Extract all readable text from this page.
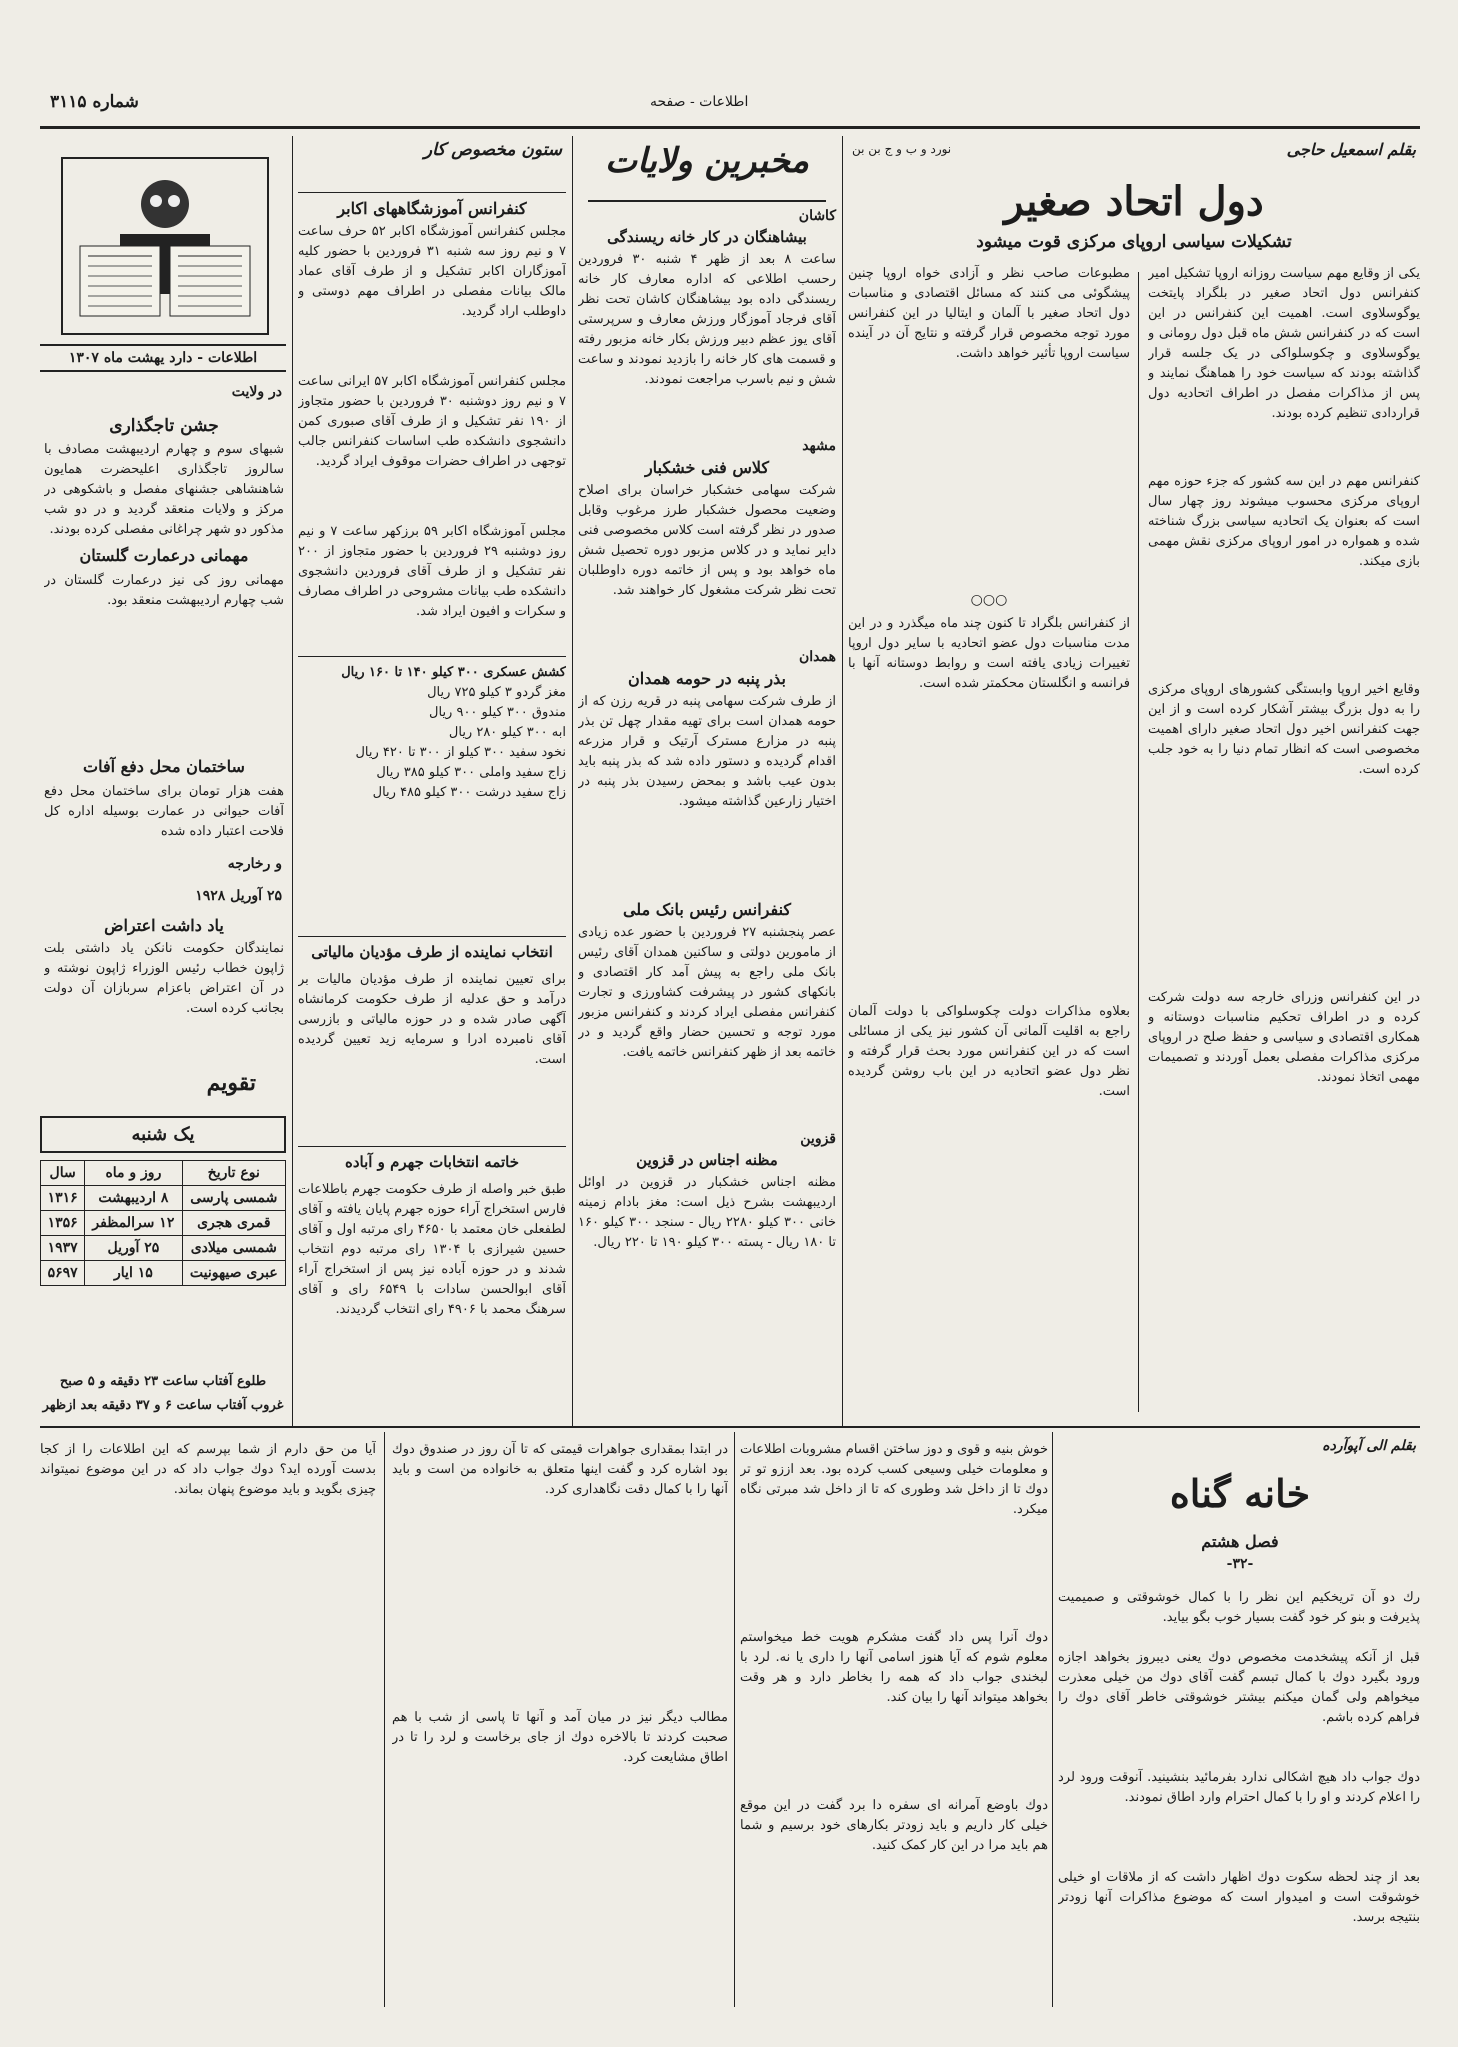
شماره ۳۱۱۵	اطلاعات - صفحه
اطلاعات - دارد یهشت ماه ۱۳۰۷
در ولایت
جشن تاجگذاری
شبهای سوم و چهارم اردیبهشت مصادف با سالروز تاجگذاری اعلیحضرت همایون شاهنشاهی جشنهای مفصل و باشکوهی در مرکز و ولایات منعقد گردید و در دو شب مذکور دو شهر چراغانی مفصلی کرده بودند.
مهمانی درعمارت گلستان
مهمانی روز کی نیز درعمارت گلستان در شب چهارم اردیبهشت منعقد بود.
ساختمان محل دفع آفات
هفت هزار تومان برای ساختمان محل دفع آفات حیوانی در عمارت بوسیله اداره کل فلاحت اعتبار داده شده
و رخارجه
۲۵ آوریل ۱۹۲۸
یاد داشت اعتراض
نمایندگان حکومت نانکن یاد داشتی بلت ژاپون خطاب رئیس الوزراء ژاپون نوشته و در آن اعتراض باعزام سربازان آن دولت بجانب کرده است.
تقویم
یک شنبه
نوع تاریخ	روز و ماه	سال
شمسی پارسی	۸ اردیبهشت	۱۳۱۶
قمری هجری	۱۲ سرالمظفر	۱۳۵۶
شمسی میلادی	۲۵ آوریل	۱۹۳۷
عبری صیهونیت	۱۵ ایار	۵۶۹۷
طلوع آفتاب ساعت ۲۳ دقیقه و ۵ صبح
غروب آفتاب ساعت ۶ و ۳۷ دقیقه بعد ازظهر
ستون مخصوص کار
کنفرانس آموزشگاههای اکابر
مجلس کنفرانس آموزشگاه اکابر ۵۲ حرف ساعت ۷ و نیم روز سه شنبه ۳۱ فروردین با حضور کلیه آموزگاران اکابر تشکیل و از طرف آقای عماد مالک بیانات مفصلی در اطراف مهم دوستی و داوطلب اراد گردید.
مجلس کنفرانس آموزشگاه اکابر ۵۷ ایرانی ساعت ۷ و نیم روز دوشنبه ۳۰ فروردین با حضور متجاوز از ۱۹۰ نفر تشکیل و از طرف آقای صبوری کمن دانشجوی دانشکده طب اساسات کنفرانس جالب توجهی در اطراف حضرات موقوف ایراد گردید.
مجلس آموزشگاه اکابر ۵۹ برزکهر ساعت ۷ و نیم روز دوشنبه ۲۹ فروردین با حضور متجاوز از ۲۰۰ نفر تشکیل و از طرف آقای فروردین دانشجوی دانشکده طب بیانات مشروحی در اطراف مصارف و سکرات و افیون ایراد شد.
کشش عسکری ۳۰۰ کیلو ۱۴۰ تا ۱۶۰ ریال
مغز گردو ۳ کیلو ۷۲۵ ریال
مندوق ۳۰۰ کیلو ۹۰۰ ریال
ابه ۳۰۰ کیلو ۲۸۰ ریال
نخود سفید ۳۰۰ کیلو از ۳۰۰ تا ۴۲۰ ریال
زاج سفید واملی ۳۰۰ کیلو ۳۸۵ ریال
زاج سفید درشت ۳۰۰ کیلو ۴۸۵ ریال
انتخاب نماینده از طرف مؤدیان مالیاتی
برای تعیین نماینده از طرف مؤدیان مالیات بر درآمد و حق عدلیه از طرف حکومت کرمانشاه آگهی صادر شده و در حوزه مالیاتی و بازرسی آقای نامبرده ادرا و سرمایه زید تعیین گردیده است.
خاتمه انتخابات جهرم و آباده
طبق خبر واصله از طرف حکومت جهرم باطلاعات فارس استخراج آراء حوزه جهرم پایان یافته و آقای لطفعلی خان معتمد با ۴۶۵۰ رای مرتبه اول و آقای حسین شیرازی با ۱۳۰۴ رای مرتبه دوم انتخاب شدند و در حوزه آباده نیز پس از استخراج آراء آقای ابوالحسن سادات با ۶۵۴۹ رای و آقای سرهنگ محمد با ۴۹۰۶ رای انتخاب گردیدند.
مخبرین ولایات
کاشان
بیشاهنگان در کار خانه ریسندگی
ساعت ۸ بعد از ظهر ۴ شنبه ۳۰ فروردین رحسب اطلاعی که اداره معارف کار خانه ریسندگی داده بود بیشاهنگان کاشان تحت نظر آقای فرجاد آموزگار ورزش معارف و سرپرستی آقای یوز عظم دبیر ورزش بکار خانه مزبور رفته و قسمت های کار خانه را بازدید نمودند و ساعت شش و نیم باسرب مراجعت نمودند.
مشهد
کلاس فنی خشکبار
شرکت سهامی خشکبار خراسان برای اصلاح وضعیت محصول خشکبار طرز مرغوب وقابل صدور در نظر گرفته است کلاس مخصوصی فنی دایر نماید و در کلاس مزبور دوره تحصیل شش ماه خواهد بود و پس از خاتمه دوره داوطلبان تحت نظر شرکت مشغول کار خواهند شد.
همدان
بذر پنبه در حومه همدان
از طرف شرکت سهامی پنبه در قریه رزن که از حومه همدان است برای تهیه مقدار چهل تن بذر پنبه در مزارع مسترک آرتیک و قرار مزرعه اقدام گردیده و دستور داده شد که بذر پنبه باید بدون عیب باشد و بمحض رسیدن بذر پنبه در اختیار زارعین گذاشته میشود.
کنفرانس رئیس بانک ملی
عصر پنجشنبه ۲۷ فروردین با حضور عده زیادی از مامورین دولتی و ساکنین همدان آقای رئیس بانک ملی راجع به پیش آمد کار اقتصادی و بانکهای کشور در پیشرفت کشاورزی و تجارت کنفرانس مفصلی ایراد کردند و کنفرانس مزبور مورد توجه و تحسین حضار واقع گردید و در خاتمه بعد از ظهر کنفرانس خاتمه یافت.
قزوین
مظنه اجناس در قزوین
مظنه اجناس خشکبار در قزوین در اوائل اردیبهشت بشرح ذیل است: مغز بادام زمینه خانی ۳۰۰ کیلو ۲۲۸۰ ریال - سنجد ۳۰۰ کیلو ۱۶۰ تا ۱۸۰ ریال - پسته ۳۰۰ کیلو ۱۹۰ تا ۲۲۰ ریال.
بقلم اسمعیل حاجی
نورد و ب و ج بن بن
دول اتحاد صغیر
تشکیلات سیاسی اروپای مرکزی قوت میشود
یکی از وقایع مهم سیاست روزانه اروپا تشکیل امیر کنفرانس دول اتحاد صغیر در بلگراد پایتخت یوگوسلاوی است. اهمیت این کنفرانس در این است که در کنفرانس شش ماه قبل دول رومانی و یوگوسلاوی و چکوسلواکی در یک جلسه قرار گذاشته بودند که سیاست خود را هماهنگ نمایند و پس از مذاکرات مفصل در اطراف اتحادیه دول قراردادی تنظیم کرده بودند.
کنفرانس مهم در این سه کشور که جزء حوزه مهم اروپای مرکزی محسوب میشوند روز چهار سال است که بعنوان یک اتحادیه سیاسی بزرگ شناخته شده و همواره در امور اروپای مرکزی نقش مهمی بازی میکند.
وقایع اخیر اروپا وابستگی کشورهای اروپای مرکزی را به دول بزرگ بیشتر آشکار کرده است و از این جهت کنفرانس اخیر دول اتحاد صغیر دارای اهمیت مخصوصی است که انظار تمام دنیا را به خود جلب کرده است.
در این کنفرانس وزرای خارجه سه دولت شرکت کرده و در اطراف تحکیم مناسبات دوستانه و همکاری اقتصادی و سیاسی و حفظ صلح در اروپای مرکزی مذاکرات مفصلی بعمل آوردند و تصمیمات مهمی اتخاذ نمودند.
مطبوعات صاحب نظر و آزادی خواه اروپا چنین پیشگوئی می کنند که مسائل اقتصادی و مناسبات دول اتحاد صغیر با آلمان و ایتالیا در این کنفرانس مورد توجه مخصوص قرار گرفته و نتایج آن در آینده سیاست اروپا تأثیر خواهد داشت.
○○○
از کنفرانس بلگراد تا کنون چند ماه میگذرد و در این مدت مناسبات دول عضو اتحادیه با سایر دول اروپا تغییرات زیادی یافته است و روابط دوستانه آنها با فرانسه و انگلستان محکمتر شده است.
بعلاوه مذاکرات دولت چکوسلواکی با دولت آلمان راجع به اقلیت آلمانی آن کشور نیز یکی از مسائلی است که در این کنفرانس مورد بحث قرار گرفته و نظر دول عضو اتحادیه در این باب روشن گردیده است.
بقلم الی آپوآرده
خانه گناه
فصل هشتم
-۳۲-
رك دو آن تریخکیم این نظر را با کمال خوشوقتی و صمیمیت پذیرفت و بنو کر خود گفت بسیار خوب بگو بیاید.
قبل از آنکه پیشخدمت مخصوص دوك یعنی دیبروز بخواهد اجازه ورود بگیرد دوك با کمال تبسم گفت آقای دوك من خیلی معذرت میخواهم ولی گمان میکنم بیشتر خوشوقتی خاطر آقای دوك را فراهم کرده باشم.
دوك جواب داد هیچ اشکالی ندارد بفرمائید بنشینید. آنوقت ورود لرد را اعلام کردند و او را با کمال احترام وارد اطاق نمودند.
بعد از چند لحظه سکوت دوك اظهار داشت که از ملاقات او خیلی خوشوقت است و امیدوار است که موضوع مذاکرات آنها زودتر بنتیجه برسد.
خوش بنیه و قوی و دوز ساختن اقسام مشروبات اطلاعات و معلومات خیلی وسیعی کسب کرده بود. بعد اززو تو تر دوك تا از داخل شد وطوری که تا از داخل شد مبرتی نگاه میکرد.
دوك آنرا پس داد گفت مشکرم هویت خط میخواستم معلوم شوم که آیا هنوز اسامی آنها را داری یا نه. لرد با لبخندی جواب داد که همه را بخاطر دارد و هر وقت بخواهد میتواند آنها را بیان کند.
دوك باوضع آمرانه ای سفره دا برد گفت در این موقع خیلی کار داریم و باید زودتر بکارهای خود برسیم و شما هم باید مرا در این کار کمک کنید.
در ابتدا بمقداری جواهرات قیمتی که تا آن روز در صندوق دوك بود اشاره کرد و گفت اینها متعلق به خانواده من است و باید آنها را با کمال دقت نگاهداری کرد.
مطالب دیگر نیز در میان آمد و آنها تا پاسی از شب با هم صحبت کردند تا بالاخره دوك از جای برخاست و لرد را تا در اطاق مشایعت کرد.
آیا من حق دارم از شما بپرسم که این اطلاعات را از کجا بدست آورده اید؟ دوك جواب داد که در این موضوع نمیتواند چیزی بگوید و باید موضوع پنهان بماند.
